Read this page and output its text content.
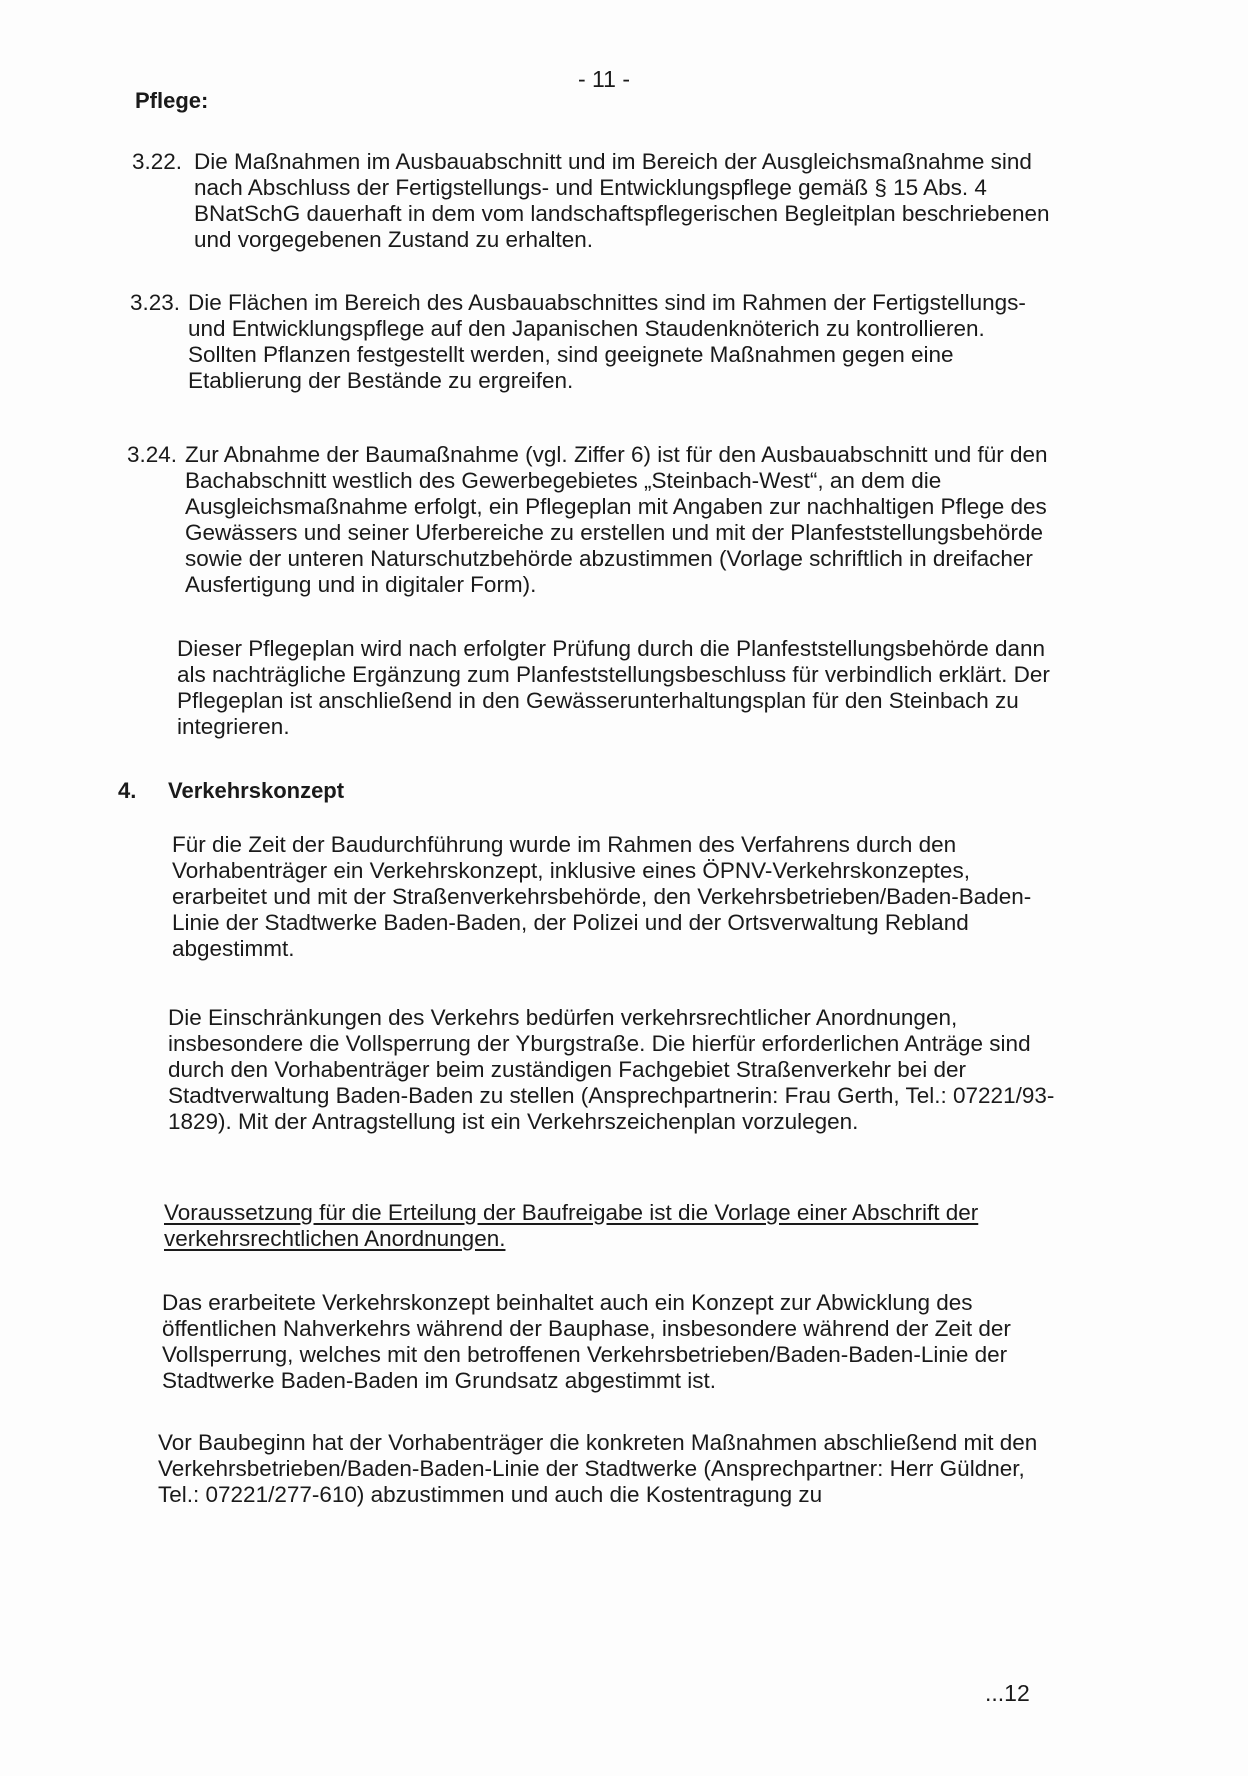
- 11 -
Pflege:
3.22. Die Maßnahmen im Ausbauabschnitt und im Bereich der Ausgleichsmaßnahme sind nach Abschluss der Fertigstellungs- und Entwicklungspflege gemäß § 15 Abs. 4 BNatSchG dauerhaft in dem vom landschaftspflegerischen Begleitplan beschriebenen und vorgegebenen Zustand zu erhalten.
3.23. Die Flächen im Bereich des Ausbauabschnittes sind im Rahmen der Fertigstellungs- und Entwicklungspflege auf den Japanischen Staudenknöterich zu kontrollieren. Sollten Pflanzen festgestellt werden, sind geeignete Maßnahmen gegen eine Etablierung der Bestände zu ergreifen.
3.24. Zur Abnahme der Baumaßnahme (vgl. Ziffer 6) ist für den Ausbauabschnitt und für den Bachabschnitt westlich des Gewerbegebietes „Steinbach-West“, an dem die Ausgleichsmaßnahme erfolgt, ein Pflegeplan mit Angaben zur nachhaltigen Pflege des Gewässers und seiner Uferbereiche zu erstellen und mit der Planfeststellungsbehörde sowie der unteren Naturschutzbehörde abzustimmen (Vorlage schriftlich in dreifacher Ausfertigung und in digitaler Form).
Dieser Pflegeplan wird nach erfolgter Prüfung durch die Planfeststellungsbehörde dann als nachträgliche Ergänzung zum Planfeststellungsbeschluss für verbindlich erklärt. Der Pflegeplan ist anschließend in den Gewässerunterhaltungsplan für den Steinbach zu integrieren.
4. Verkehrskonzept
Für die Zeit der Baudurchführung wurde im Rahmen des Verfahrens durch den Vorhabenträger ein Verkehrskonzept, inklusive eines ÖPNV-Verkehrskonzeptes, erarbeitet und mit der Straßenverkehrsbehörde, den Verkehrsbetrieben/Baden-Baden-Linie der Stadtwerke Baden-Baden, der Polizei und der Ortsverwaltung Rebland abgestimmt.
Die Einschränkungen des Verkehrs bedürfen verkehrsrechtlicher Anordnungen, insbesondere die Vollsperrung der Yburgstraße. Die hierfür erforderlichen Anträge sind durch den Vorhabenträger beim zuständigen Fachgebiet Straßenverkehr bei der Stadtverwaltung Baden-Baden zu stellen (Ansprechpartnerin: Frau Gerth, Tel.: 07221/93-1829). Mit der Antragstellung ist ein Verkehrszeichenplan vorzulegen.
Voraussetzung für die Erteilung der Baufreigabe ist die Vorlage einer Abschrift der verkehrsrechtlichen Anordnungen.
Das erarbeitete Verkehrskonzept beinhaltet auch ein Konzept zur Abwicklung des öffentlichen Nahverkehrs während der Bauphase, insbesondere während der Zeit der Vollsperrung, welches mit den betroffenen Verkehrsbetrieben/Baden-Baden-Linie der Stadtwerke Baden-Baden im Grundsatz abgestimmt ist.
Vor Baubeginn hat der Vorhabenträger die konkreten Maßnahmen abschließend mit den Verkehrsbetrieben/Baden-Baden-Linie der Stadtwerke (Ansprechpartner: Herr Güldner, Tel.: 07221/277-610) abzustimmen und auch die Kostentragung zu
...12
